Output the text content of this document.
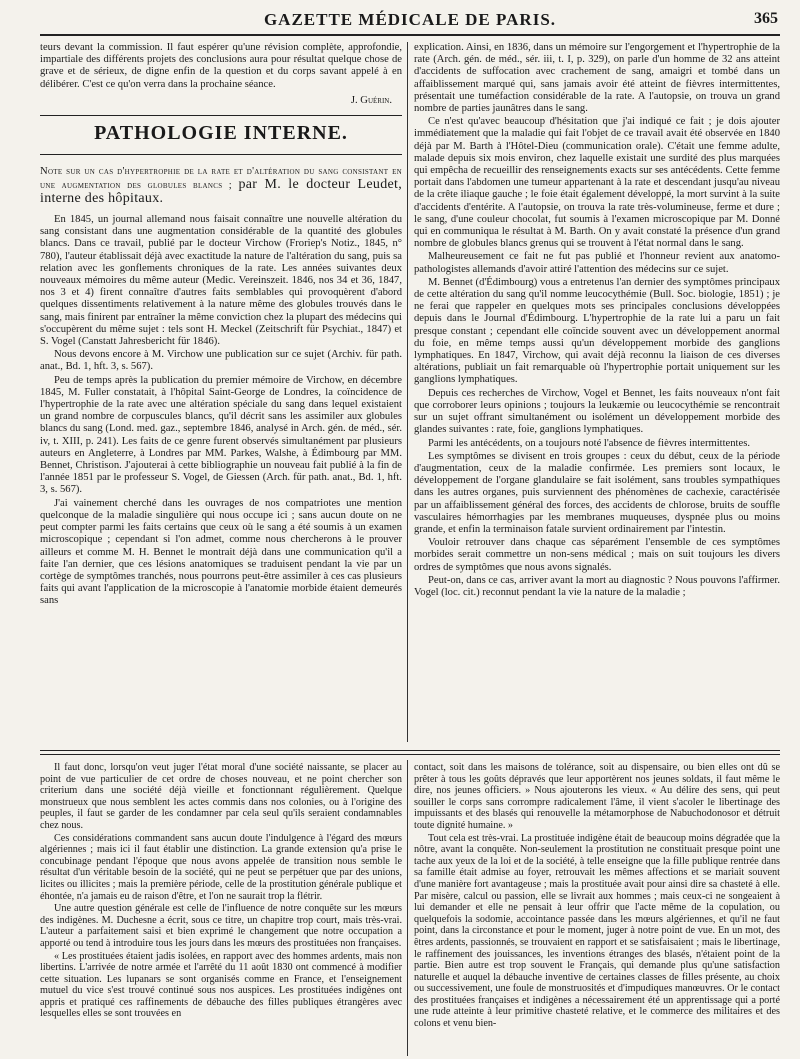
GAZETTE MÉDICALE DE PARIS.	365

teurs devant la commission. Il faut espérer qu'une révision complète, approfondie, impartiale des différents projets des conclusions aura pour résultat quelque chose de grave et de sérieux, de digne enfin de la question et du corps savant appelé à en délibérer. C'est ce qu'on verra dans la prochaine séance.

J. Guérin.
PATHOLOGIE INTERNE.
Note sur un cas d'hypertrophie de la rate et d'altération du sang consistant en une augmentation des globules blancs ; par M. le docteur Leudet, interne des hôpitaux.

En 1845, un journal allemand nous faisait connaître une nouvelle altération du sang consistant dans une augmentation considérable de la quantité des globules blancs. Dans ce travail, publié par le docteur Virchow (Froriep's Notiz., 1845, n° 780), l'auteur établissait déjà avec exactitude la nature de l'altération du sang, puis sa relation avec les gonflements chroniques de la rate. Les années suivantes deux nouveaux mémoires du même auteur (Medic. Vereinszeit. 1846, nos 34 et 36, 1847, nos 3 et 4) firent connaître d'autres faits semblables qui provoquèrent d'abord quelques dissentiments relativement à la nature même des globules trouvés dans le sang, mais finirent par entraîner la même conviction chez la plupart des médecins qui s'occupèrent du même sujet : tels sont H. Meckel (Zeitschrift für Psychiat., 1847) et S. Vogel (Canstatt Jahresbericht für 1846).

Nous devons encore à M. Virchow une publication sur ce sujet (Archiv. für path. anat., Bd. 1, hft. 3, s. 567).

Peu de temps après la publication du premier mémoire de Virchow, en décembre 1845, M. Fuller constatait, à l'hôpital Saint-George de Londres, la coïncidence de l'hypertrophie de la rate avec une altération spéciale du sang dans lequel existaient un grand nombre de corpuscules blancs, qu'il décrit sans les assimiler aux globules blancs du sang (Lond. med. gaz., septembre 1846, analysé in Arch. gén. de méd., sér. iv, t. XIII, p. 241). Les faits de ce genre furent observés simultanément par plusieurs auteurs en Angleterre, à Londres par MM. Parkes, Walshe, à Édimbourg par MM. Bennet, Christison. J'ajouterai à cette bibliographie un nouveau fait publié à la fin de l'année 1851 par le professeur S. Vogel, de Giessen (Arch. für path. anat., Bd. 1, hft. 3, s. 567).

J'ai vainement cherché dans les ouvrages de nos compatriotes une mention quelconque de la maladie singulière qui nous occupe ici ; sans aucun doute on ne peut compter parmi les faits certains que ceux où le sang a été soumis à un examen microscopique ; cependant si l'on admet, comme nous chercherons à le prouver ailleurs et comme M. H. Bennet le montrait déjà dans une communication qu'il a faite l'an dernier, que ces lésions anatomiques se traduisent pendant la vie par un cortège de symptômes tranchés, nous pourrons peut-être assimiler à ces cas plusieurs faits qui avant l'application de la microscopie à l'anatomie morbide étaient demeurés sans

explication. Ainsi, en 1836, dans un mémoire sur l'engorgement et l'hypertrophie de la rate (Arch. gén. de méd., sér. iii, t. I, p. 329), on parle d'un homme de 32 ans atteint d'accidents de suffocation avec crachement de sang, amaigri et tombé dans un affaiblissement marqué qui, sans jamais avoir été atteint de fièvres intermittentes, présentait une tuméfaction considérable de la rate. A l'autopsie, on trouva un grand nombre de parties jaunâtres dans le sang.

Ce n'est qu'avec beaucoup d'hésitation que j'ai indiqué ce fait ; je dois ajouter immédiatement que la maladie qui fait l'objet de ce travail avait été observée en 1840 déjà par M. Barth à l'Hôtel-Dieu (communication orale). C'était une femme adulte, malade depuis six mois environ, chez laquelle existait une surdité des plus marquées qui empêcha de recueillir des renseignements exacts sur ses antécédents. Cette femme portait dans l'abdomen une tumeur appartenant à la rate et descendant jusqu'au niveau de la crête iliaque gauche ; le foie était également développé, la mort survint à la suite d'accidents d'entérite. A l'autopsie, on trouva la rate très-volumineuse, ferme et dure ; le sang, d'une couleur chocolat, fut soumis à l'examen microscopique par M. Donné qui en communiqua le résultat à M. Barth. On y avait constaté la présence d'un grand nombre de globules blancs grenus qui se trouvent à l'état normal dans le sang.

Malheureusement ce fait ne fut pas publié et l'honneur revient aux anatomo-pathologistes allemands d'avoir attiré l'attention des médecins sur ce sujet.

M. Bennet (d'Édimbourg) vous a entretenus l'an dernier des symptômes principaux de cette altération du sang qu'il nomme leucocythémie (Bull. Soc. biologie, 1851) ; je ne ferai que rappeler en quelques mots ses principales conclusions développées depuis dans le Journal d'Édimbourg. L'hypertrophie de la rate lui a paru un fait presque constant ; cependant elle coïncide souvent avec un développement anormal du foie, en même temps aussi qu'un développement morbide des ganglions lymphatiques. En 1847, Virchow, qui avait déjà reconnu la liaison de ces diverses altérations, publiait un fait remarquable où l'hypertrophie portait uniquement sur les ganglions lymphatiques.

Depuis ces recherches de Virchow, Vogel et Bennet, les faits nouveaux n'ont fait que corroborer leurs opinions ; toujours la leukæmie ou leucocythémie se rencontrait sur un sujet offrant simultanément ou isolément un développement morbide des glandes suivantes : rate, foie, ganglions lymphatiques.

Parmi les antécédents, on a toujours noté l'absence de fièvres intermittentes.

Les symptômes se divisent en trois groupes : ceux du début, ceux de la période d'augmentation, ceux de la maladie confirmée. Les premiers sont locaux, le développement de l'organe glandulaire se fait isolément, sans troubles sympathiques dans les autres organes, puis surviennent des phénomènes de cachexie, caractérisée par un affaiblissement général des forces, des accidents de chlorose, bruits de souffle vasculaires hémorrhagies par les membranes muqueuses, dyspnée plus ou moins grande, et enfin la terminaison fatale survient ordinairement par l'intestin.

Vouloir retrouver dans chaque cas séparément l'ensemble de ces symptômes morbides serait commettre un non-sens médical ; mais on suit toujours les divers ordres de symptômes que nous avons signalés.

Peut-on, dans ce cas, arriver avant la mort au diagnostic ? Nous pouvons l'affirmer. Vogel (loc. cit.) reconnut pendant la vie la nature de la maladie ;

Il faut donc, lorsqu'on veut juger l'état moral d'une société naissante, se placer au point de vue particulier de cet ordre de choses nouveau, et ne point chercher son criterium dans une société déjà vieille et fonctionnant régulièrement. Quelque monstrueux que nous semblent les actes commis dans nos colonies, ou à l'origine des peuples, il faut se garder de les condamner par cela seul qu'ils seraient condamnables chez nous.

Ces considérations commandent sans aucun doute l'indulgence à l'égard des mœurs algériennes ; mais ici il faut établir une distinction. La grande extension qu'a prise le concubinage pendant l'époque que nous avons appelée de transition nous semble le résultat d'un véritable besoin de la société, qui ne peut se perpétuer que par des unions, licites ou illicites ; mais la première période, celle de la prostitution générale publique et éhontée, n'a jamais eu de raison d'être, et l'on ne saurait trop la flétrir.

Une autre question générale est celle de l'influence de notre conquête sur les mœurs des indigènes. M. Duchesne a écrit, sous ce titre, un chapitre trop court, mais très-vrai. L'auteur a parfaitement saisi et bien exprimé le changement que notre occupation a apporté ou tend à introduire tous les jours dans les mœurs des prostituées non françaises.

« Les prostituées étaient jadis isolées, en rapport avec des hommes ardents, mais non libertins. L'arrivée de notre armée et l'arrêté du 11 août 1830 ont commencé à modifier cette situation. Les lupanars se sont organisés comme en France, et l'enseignement mutuel du vice s'est trouvé continué sous nos auspices. Les prostituées indigènes ont appris et pratiqué ces raffinements de débauche des filles publiques étrangères avec lesquelles elles se sont trouvées en

contact, soit dans les maisons de tolérance, soit au dispensaire, ou bien elles ont dû se prêter à tous les goûts dépravés que leur apportèrent nos jeunes soldats, il faut même le dire, nos jeunes officiers. » Nous ajouterons les vieux. « Au délire des sens, qui peut souiller le corps sans corrompre radicalement l'âme, il vient s'acoler le libertinage des impuissants et des blasés qui renouvelle la métamorphose de Nabuchodonosor et détruit toute dignité humaine. »

Tout cela est très-vrai. La prostituée indigène était de beaucoup moins dégradée que la nôtre, avant la conquête. Non-seulement la prostitution ne constituait presque point une tache aux yeux de la loi et de la société, à telle enseigne que la fille publique rentrée dans sa famille était admise au foyer, retrouvait les mêmes affections et se mariait souvent d'une manière fort avantageuse ; mais la prostituée avait pour ainsi dire sa chasteté à elle. Par misère, calcul ou passion, elle se livrait aux hommes ; mais ceux-ci ne songeaient à lui demander et elle ne pensait à leur offrir que l'acte même de la copulation, ou quelquefois la sodomie, accointance passée dans les mœurs algériennes, et qu'il ne faut point, dans la circonstance et pour le moment, juger à notre point de vue. En un mot, des êtres ardents, passionnés, se trouvaient en rapport et se satisfaisaient ; mais le libertinage, le raffinement des jouissances, les inventions étranges des blasés, n'étaient point de la partie. Bien autre est trop souvent le Français, qui demande plus qu'une satisfaction naturelle et auquel la débauche inventive de certaines classes de filles présente, au choix ou successivement, une foule de monstruosités et d'impudiques manœuvres. Or le contact des prostituées françaises et indigènes a nécessairement été un apprentissage qui a porté une rude atteinte à leur primitive chasteté relative, et le commerce des militaires et des colons et venu bien-
